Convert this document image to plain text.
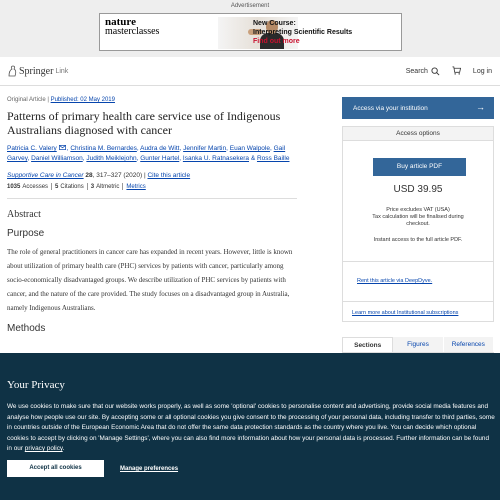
Advertisement
nature
masterclasses
New Course:
Interpreting Scientific Results
Find out more
Springer Link	Search	Log in
Original Article | Published: 02 May 2019
Patterns of primary health care service use of Indigenous Australians diagnosed with cancer
Patricia C. Valery , Christina M. Bernardes, Audra de Witt, Jennifer Martin, Euan Walpole, Gail Garvey, Daniel Williamson, Judith Meiklejohn, Gunter Hartel, Isanka U. Ratnasekera & Ross Baille
Supportive Care in Cancer 28, 317–327 (2020) | Cite this article
1035 Accesses 5 Citations 3 Altmetric Metrics
Abstract
Purpose

The role of general practitioners in cancer care has expanded in recent years. However, little is known about utilization of primary health care (PHC) services by patients with cancer, particularly among socio-economically disadvantaged groups. We describe utilization of PHC services by patients with cancer, and the nature of the care provided. The study focuses on a disadvantaged group in Australia, namely Indigenous Australians.

Methods
Access via your institution	→
Access options
Buy article PDF
USD 39.95
Price excludes VAT (USA)
Tax calculation will be finalised during checkout.
Instant access to the full article PDF.
Rent this article via DeepDyve.
Learn more about Institutional subscriptions
Sections	Figures	References
Your Privacy

We use cookies to make sure that our website works properly, as well as some 'optional' cookies to personalise content and advertising, provide social media features and analyse how people use our site. By accepting some or all optional cookies you give consent to the processing of your personal data, including transfer to third parties, some in countries outside of the European Economic Area that do not offer the same data protection standards as the country where you live. You can decide which optional cookies to accept by clicking on 'Manage Settings', where you can also find more information about how your personal data is processed. Further information can be found in our privacy policy.

Accept all cookies	Manage preferences
